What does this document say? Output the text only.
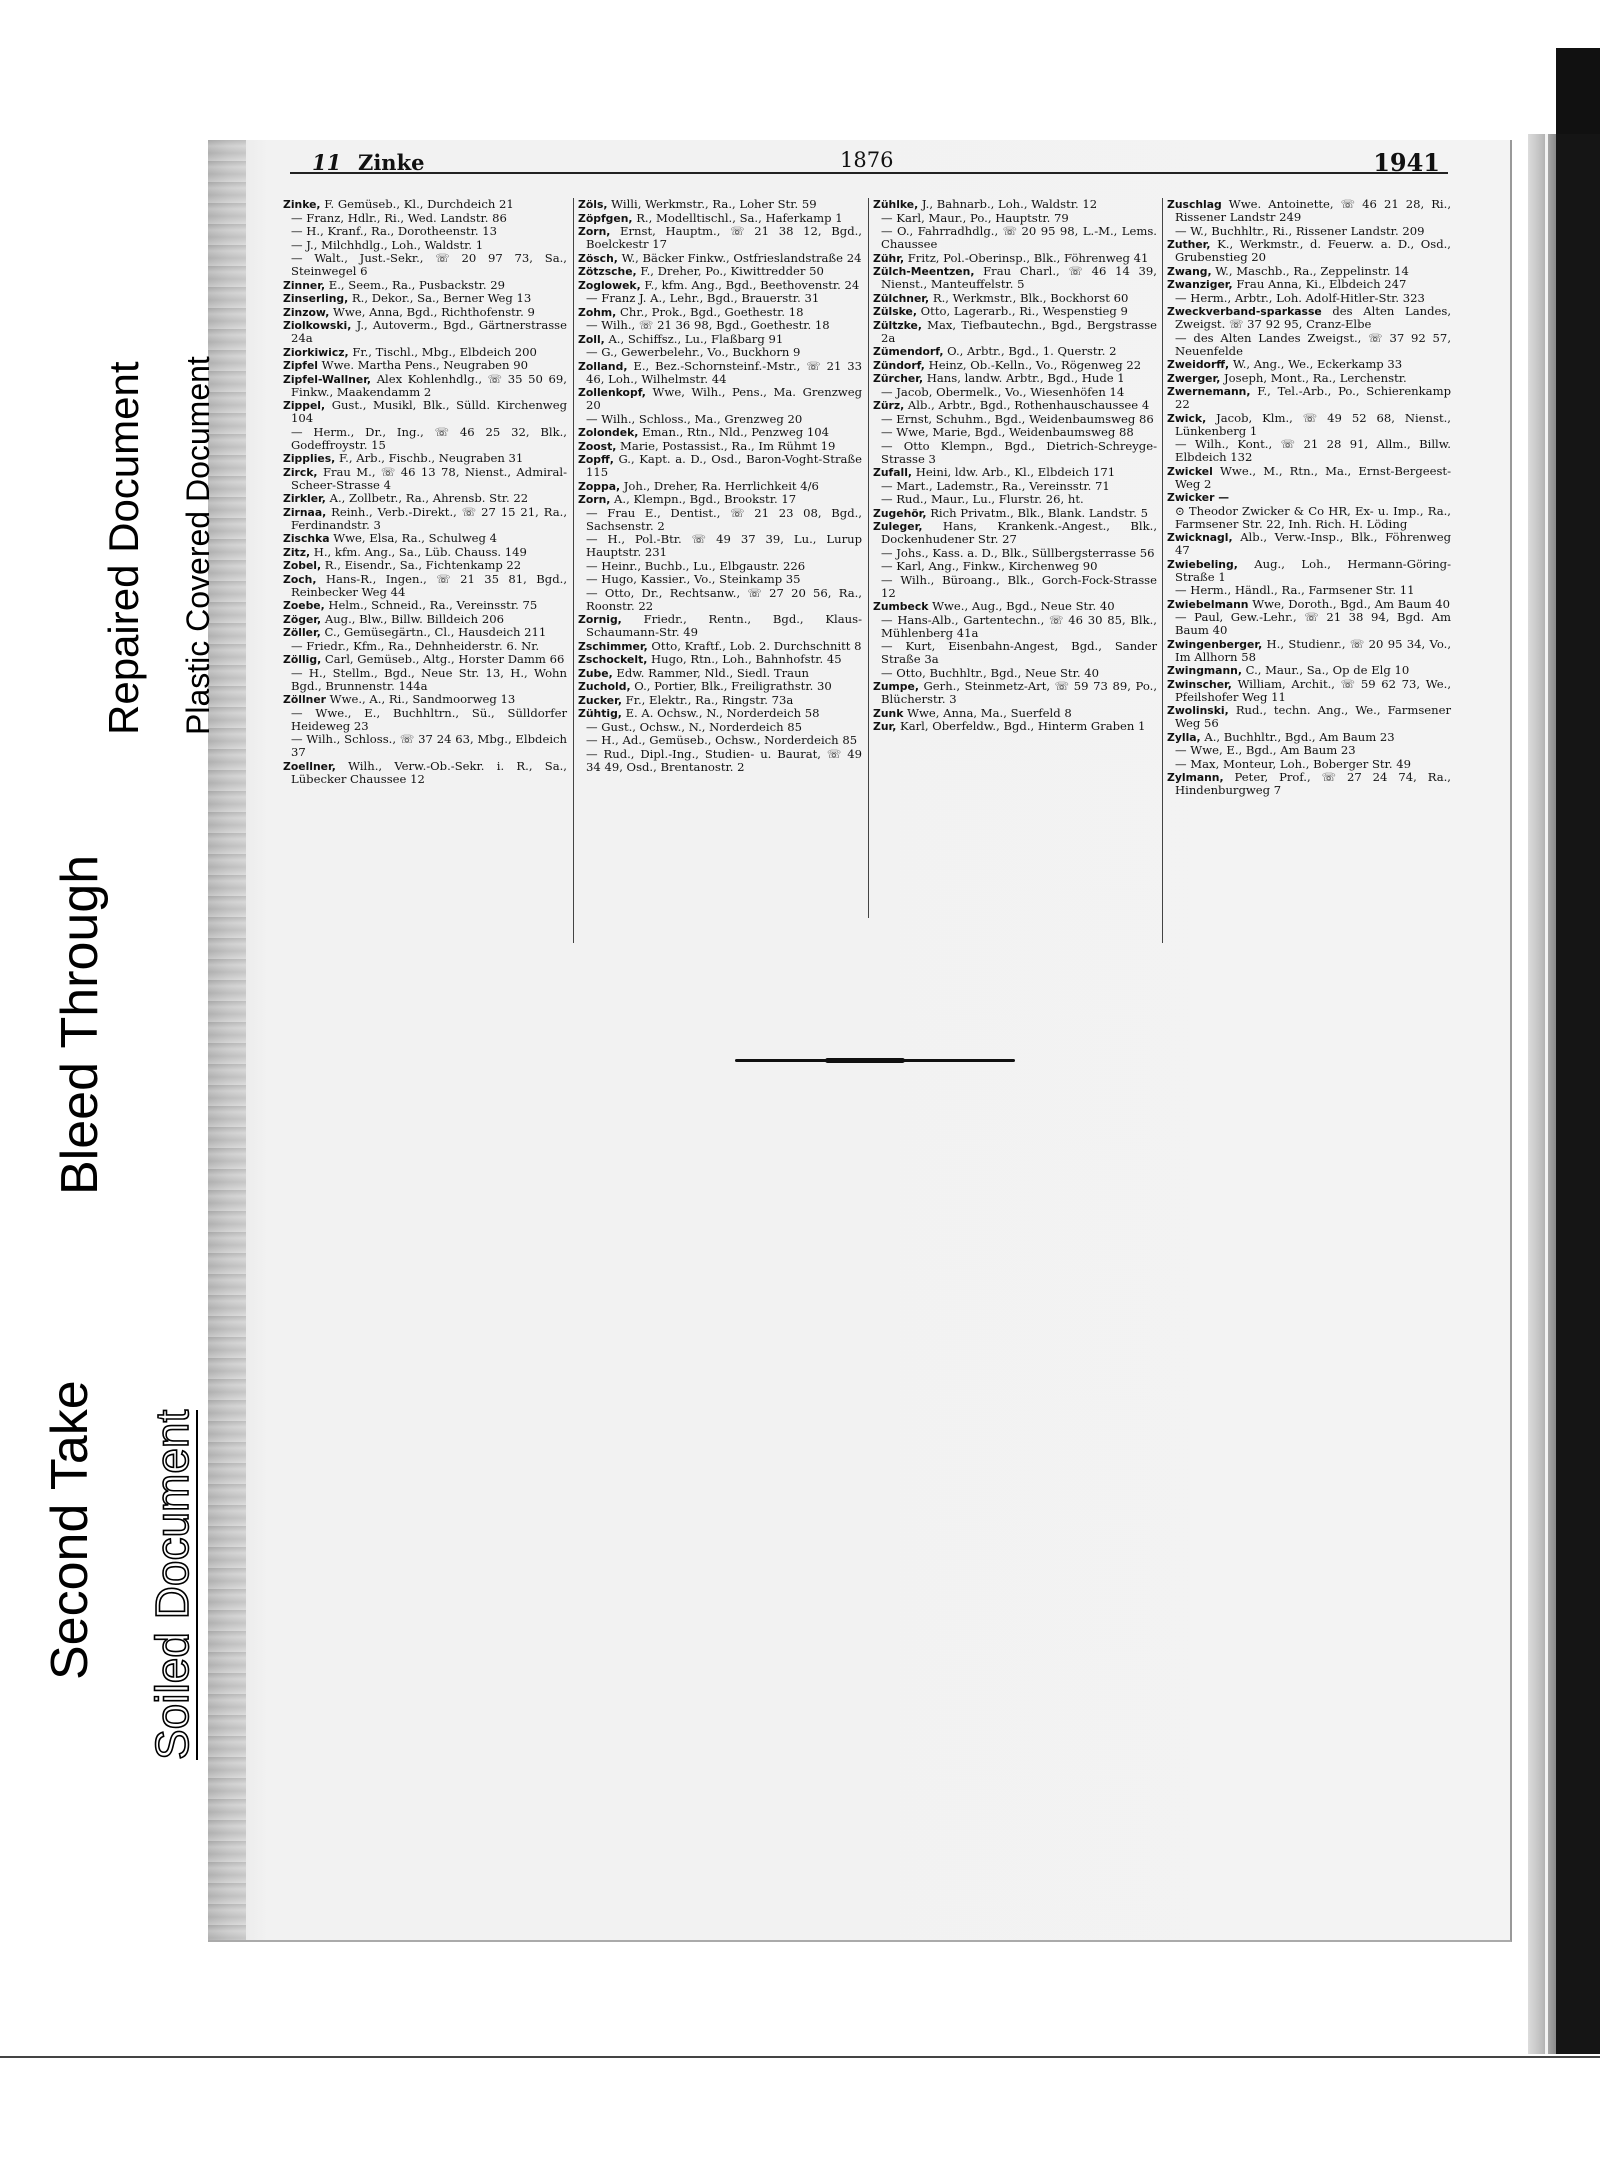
Repaired Document Plastic Covered Document
Bleed Through
Second Take Soiled Document
11 Zinke	1876	1941
Zinke, F. Gemüseb., Kl., Durchdeich 21
— Franz, Hdlr., Ri., Wed. Landstr. 86
— H., Kranf., Ra., Dorotheenstr. 13
— J., Milchhdlg., Loh., Waldstr. 1
— Walt., Just.-Sekr., ☏ 20 97 73, Sa., Steinwegel 6
Zinner, E., Seem., Ra., Pusbackstr. 29
Zinserling, R., Dekor., Sa., Berner Weg 13
Zinzow, Wwe, Anna, Bgd., Richthofenstr. 9
Ziolkowski, J., Autoverm., Bgd., Gärtnerstrasse 24a
Ziorkiwicz, Fr., Tischl., Mbg., Elbdeich 200
Zipfel Wwe. Martha Pens., Neugraben 90
Zipfel-Wallner, Alex Kohlenhdlg., ☏ 35 50 69, Finkw., Maakendamm 2
Zippel, Gust., Musikl, Blk., Sülld. Kirchenweg 104
— Herm., Dr., Ing., ☏ 46 25 32, Blk., Godeffroystr. 15
Zipplies, F., Arb., Fischb., Neugraben 31
Zirck, Frau M., ☏ 46 13 78, Nienst., Admiral-Scheer-Strasse 4
Zirkler, A., Zollbetr., Ra., Ahrensb. Str. 22
Zirnaa, Reinh., Verb.-Direkt., ☏ 27 15 21, Ra., Ferdinandstr. 3
Zischka Wwe, Elsa, Ra., Schulweg 4
Zitz, H., kfm. Ang., Sa., Lüb. Chauss. 149
Zobel, R., Eisendr., Sa., Fichtenkamp 22
Zoch, Hans-R., Ingen., ☏ 21 35 81, Bgd., Reinbecker Weg 44
Zoebe, Helm., Schneid., Ra., Vereinsstr. 75
Zöger, Aug., Blw., Billw. Billdeich 206
Zöller, C., Gemüsegärtn., Cl., Hausdeich 211
— Friedr., Kfm., Ra., Dehnheiderstr. 6. Nr.
Zöllig, Carl, Gemüseb., Altg., Horster Damm 66
— H., Stellm., Bgd., Neue Str. 13, H., Wohn Bgd., Brunnenstr. 144a
Zöllner Wwe., A., Ri., Sandmoorweg 13
— Wwe., E., Buchhltrn., Sü., Sülldorfer Heideweg 23
— Wilh., Schloss., ☏ 37 24 63, Mbg., Elbdeich 37
Zoellner, Wilh., Verw.-Ob.-Sekr. i. R., Sa., Lübecker Chaussee 12
Zöls, Willi, Werkmstr., Ra., Loher Str. 59
Zöpfgen, R., Modelltischl., Sa., Haferkamp 1
Zorn, Ernst, Hauptm., ☏ 21 38 12, Bgd., Boelckestr 17
Zösch, W., Bäcker Finkw., Ostfrieslandstraße 24
Zötzsche, F., Dreher, Po., Kiwittredder 50
Zoglowek, F., kfm. Ang., Bgd., Beethovenstr. 24
— Franz J. A., Lehr., Bgd., Brauerstr. 31
Zohm, Chr., Prok., Bgd., Goethestr. 18
— Wilh., ☏ 21 36 98, Bgd., Goethestr. 18
Zoll, A., Schiffsz., Lu., Flaßbarg 91
— G., Gewerbelehr., Vo., Buckhorn 9
Zolland, E., Bez.-Schornsteinf.-Mstr., ☏ 21 33 46, Loh., Wilhelmstr. 44
Zollenkopf, Wwe, Wilh., Pens., Ma. Grenzweg 20
— Wilh., Schloss., Ma., Grenzweg 20
Zolondek, Eman., Rtn., Nld., Penzweg 104
Zoost, Marie, Postassist., Ra., Im Rühmt 19
Zopff, G., Kapt. a. D., Osd., Baron-Voght-Straße 115
Zoppa, Joh., Dreher, Ra. Herrlichkeit 4/6
Zorn, A., Klempn., Bgd., Brookstr. 17
— Frau E., Dentist., ☏ 21 23 08, Bgd., Sachsenstr. 2
— H., Pol.-Btr. ☏ 49 37 39, Lu., Lurup Hauptstr. 231
— Heinr., Buchb., Lu., Elbgaustr. 226
— Hugo, Kassier., Vo., Steinkamp 35
— Otto, Dr., Rechtsanw., ☏ 27 20 56, Ra., Roonstr. 22
Zornig, Friedr., Rentn., Bgd., Klaus-Schaumann-Str. 49
Zschimmer, Otto, Kraftf., Lob. 2. Durchschnitt 8
Zschockelt, Hugo, Rtn., Loh., Bahnhofstr. 45
Zube, Edw. Rammer, Nld., Siedl. Traun
Zuchold, O., Portier, Blk., Freiligrathstr. 30
Zucker, Fr., Elektr., Ra., Ringstr. 73a
Zühtig, E. A. Ochsw., N., Norderdeich 58
— Gust., Ochsw., N., Norderdeich 85
— H., Ad., Gemüseb., Ochsw., Norderdeich 85
— Rud., Dipl.-Ing., Studien- u. Baurat, ☏ 49 34 49, Osd., Brentanostr. 2
Zühlke, J., Bahnarb., Loh., Waldstr. 12
— Karl, Maur., Po., Hauptstr. 79
— O., Fahrradhdlg., ☏ 20 95 98, L.-M., Lems. Chaussee
Zühr, Fritz, Pol.-Oberinsp., Blk., Föhrenweg 41
Zülch-Meentzen, Frau Charl., ☏ 46 14 39, Nienst., Manteuffelstr. 5
Zülchner, R., Werkmstr., Blk., Bockhorst 60
Zülske, Otto, Lagerarb., Ri., Wespenstieg 9
Zültzke, Max, Tiefbautechn., Bgd., Bergstrasse 2a
Zümendorf, O., Arbtr., Bgd., 1. Querstr. 2
Zündorf, Heinz, Ob.-Kelln., Vo., Rögenweg 22
Zürcher, Hans, landw. Arbtr., Bgd., Hude 1
— Jacob, Obermelk., Vo., Wiesenhöfen 14
Zürz, Alb., Arbtr., Bgd., Rothenhauschaussee 4
— Ernst, Schuhm., Bgd., Weidenbaumsweg 86
— Wwe, Marie, Bgd., Weidenbaumsweg 88
— Otto Klempn., Bgd., Dietrich-Schreyge-Strasse 3
Zufall, Heini, ldw. Arb., Kl., Elbdeich 171
— Mart., Lademstr., Ra., Vereinsstr. 71
— Rud., Maur., Lu., Flurstr. 26, ht.
Zugehör, Rich Privatm., Blk., Blank. Landstr. 5
Zuleger, Hans, Krankenk.-Angest., Blk., Dockenhudener Str. 27
— Johs., Kass. a. D., Blk., Süllbergsterrasse 56
— Karl, Ang., Finkw., Kirchenweg 90
— Wilh., Büroang., Blk., Gorch-Fock-Strasse 12
Zumbeck Wwe., Aug., Bgd., Neue Str. 40
— Hans-Alb., Gartentechn., ☏ 46 30 85, Blk., Mühlenberg 41a
— Kurt, Eisenbahn-Angest, Bgd., Sander Straße 3a
— Otto, Buchhltr., Bgd., Neue Str. 40
Zumpe, Gerh., Steinmetz-Art, ☏ 59 73 89, Po., Blücherstr. 3
Zunk Wwe, Anna, Ma., Suerfeld 8
Zur, Karl, Oberfeldw., Bgd., Hinterm Graben 1
Zuschlag Wwe. Antoinette, ☏ 46 21 28, Ri., Rissener Landstr 249
— W., Buchhltr., Ri., Rissener Landstr. 209
Zuther, K., Werkmstr., d. Feuerw. a. D., Osd., Grubenstieg 20
Zwang, W., Maschb., Ra., Zeppelinstr. 14
Zwanziger, Frau Anna, Ki., Elbdeich 247
— Herm., Arbtr., Loh. Adolf-Hitler-Str. 323
Zweckverband-sparkasse des Alten Landes, Zweigst. ☏ 37 92 95, Cranz-Elbe
— des Alten Landes Zweigst., ☏ 37 92 57, Neuenfelde
Zweidorff, W., Ang., We., Eckerkamp 33
Zwerger, Joseph, Mont., Ra., Lerchenstr.
Zwernemann, F., Tel.-Arb., Po., Schierenkamp 22
Zwick, Jacob, Klm., ☏ 49 52 68, Nienst., Lünkenberg 1
— Wilh., Kont., ☏ 21 28 91, Allm., Billw. Elbdeich 132
Zwickel Wwe., M., Rtn., Ma., Ernst-Bergeest-Weg 2
Zwicker —
⊙ Theodor Zwicker & Co HR, Ex- u. Imp., Ra., Farmsener Str. 22, Inh. Rich. H. Löding
Zwicknagl, Alb., Verw.-Insp., Blk., Föhrenweg 47
Zwiebeling, Aug., Loh., Hermann-Göring-Straße 1
— Herm., Händl., Ra., Farmsener Str. 11
Zwiebelmann Wwe, Doroth., Bgd., Am Baum 40
— Paul, Gew.-Lehr., ☏ 21 38 94, Bgd. Am Baum 40
Zwingenberger, H., Studienr., ☏ 20 95 34, Vo., Im Allhorn 58
Zwingmann, C., Maur., Sa., Op de Elg 10
Zwinscher, William, Archit., ☏ 59 62 73, We., Pfeilshofer Weg 11
Zwolinski, Rud., techn. Ang., We., Farmsener Weg 56
Zylla, A., Buchhltr., Bgd., Am Baum 23
— Wwe, E., Bgd., Am Baum 23
— Max, Monteur, Loh., Boberger Str. 49
Zylmann, Peter, Prof., ☏ 27 24 74, Ra., Hindenburgweg 7
